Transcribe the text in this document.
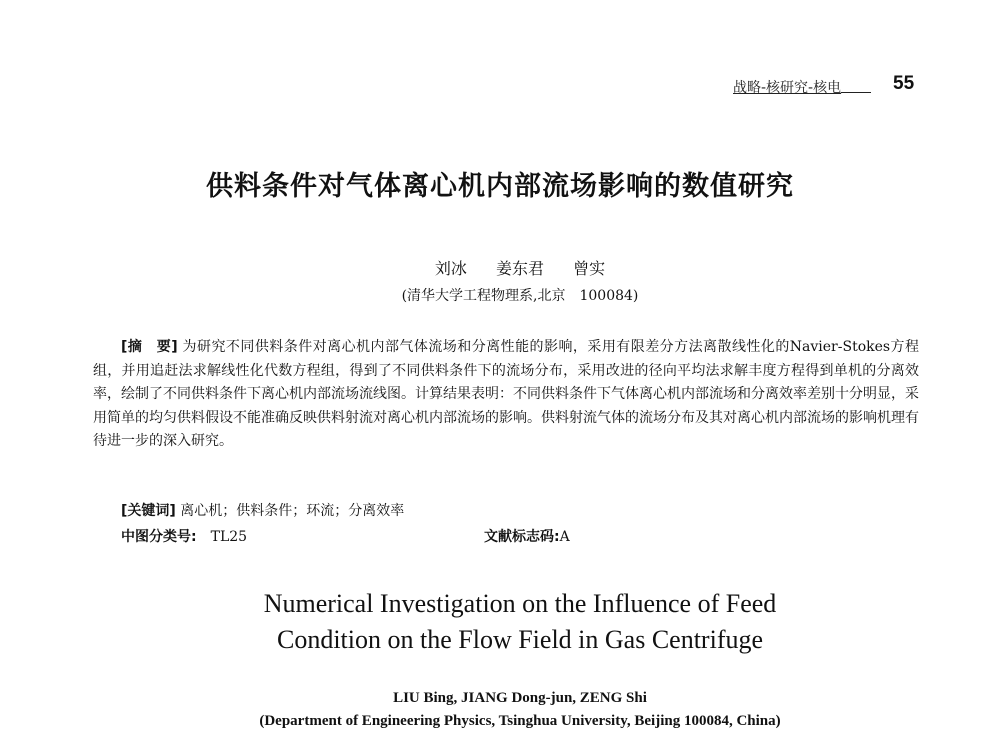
战略-核研究-核电	55
供料条件对气体离心机内部流场影响的数值研究
刘冰 姜东君 曾实
(清华大学工程物理系,北京　100084)
[摘　要] 为研究不同供料条件对离心机内部气体流场和分离性能的影响，采用有限差分方法离散线性化的Navier-Stokes方程组，并用追赶法求解线性化代数方程组，得到了不同供料条件下的流场分布，采用改进的径向平均法求解丰度方程得到单机的分离效率，绘制了不同供料条件下离心机内部流场流线图。计算结果表明：不同供料条件下气体离心机内部流场和分离效率差别十分明显，采用简单的均匀供料假设不能准确反映供料射流对离心机内部流场的影响。供料射流气体的流场分布及其对离心机内部流场的影响机理有待进一步的深入研究。
[关键词] 离心机；供料条件；环流；分离效率
中图分类号:　TL25	文献标志码:A
Numerical Investigation on the Influence of Feed
Condition on the Flow Field in Gas Centrifuge
LIU Bing, JIANG Dong-jun, ZENG Shi
(Department of Engineering Physics, Tsinghua University, Beijing 100084, China)
